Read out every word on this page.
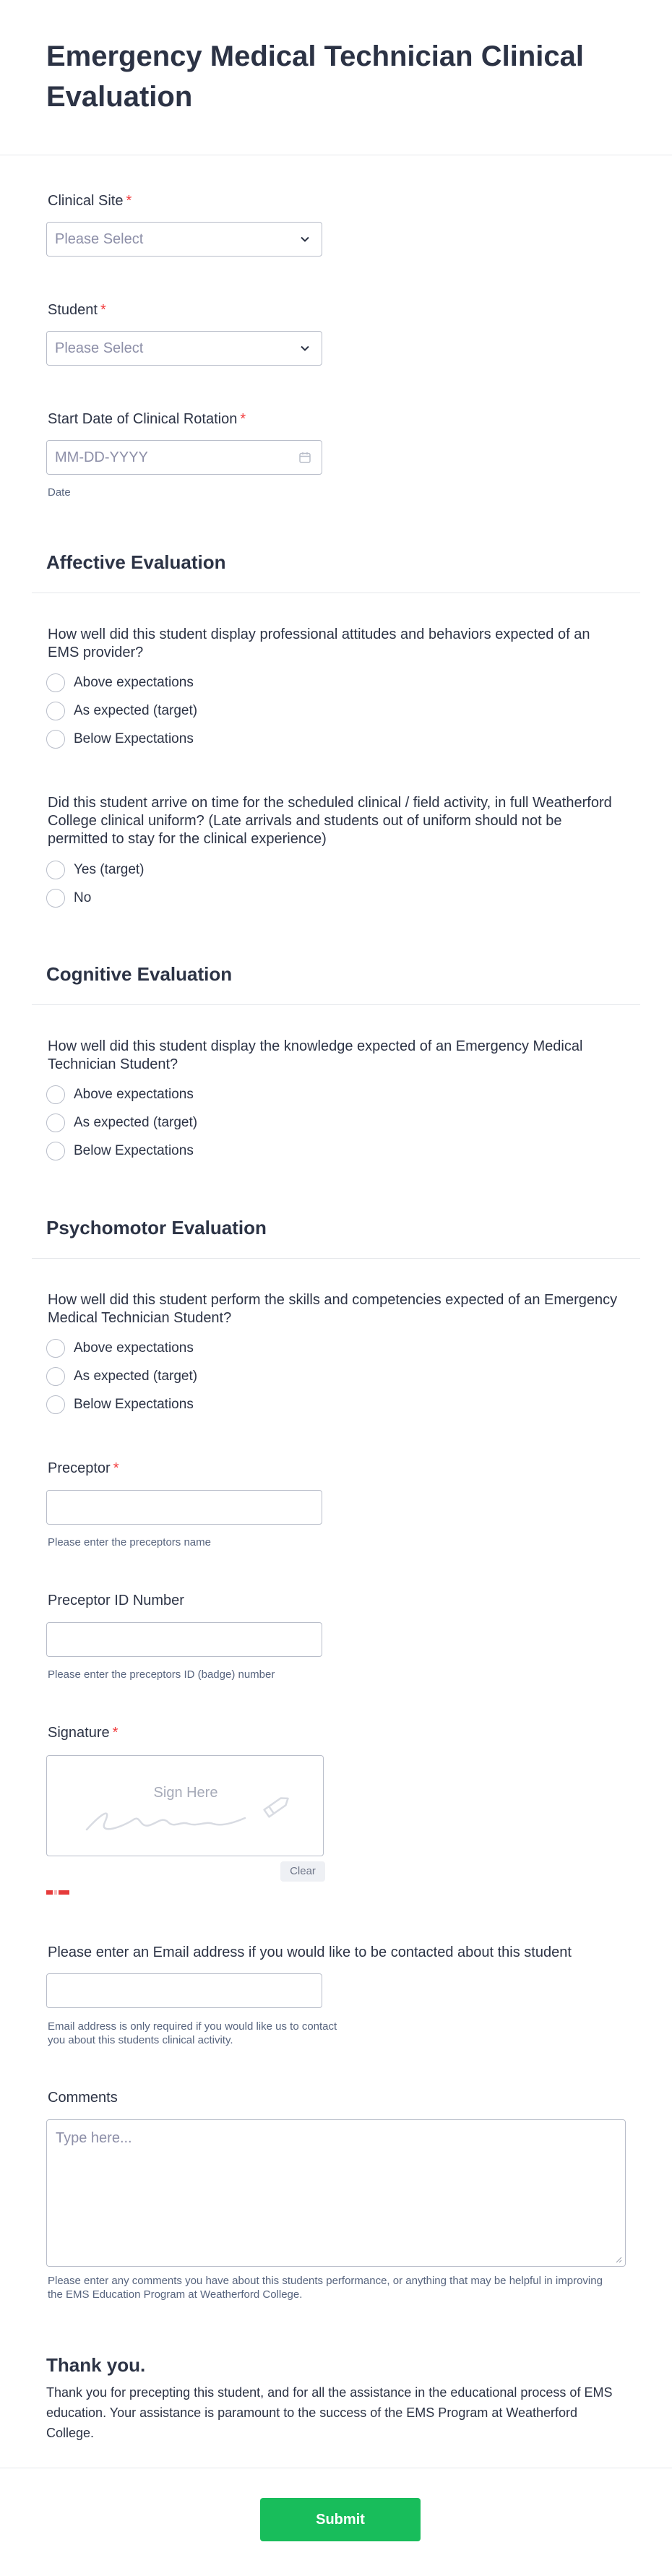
Emergency Medical Technician Clinical Evaluation
Clinical Site *
Please Select
Student *
Please Select
Start Date of Clinical Rotation *
MM-DD-YYYY
Date
Affective Evaluation
How well did this student display professional attitudes and behaviors expected of an EMS provider?
Above expectations
As expected (target)
Below Expectations
Did this student arrive on time for the scheduled clinical / field activity, in full Weatherford College clinical uniform? (Late arrivals and students out of uniform should not be permitted to stay for the clinical experience)
Yes (target)
No
Cognitive Evaluation
How well did this student display the knowledge expected of an Emergency Medical Technician Student?
Above expectations
As expected (target)
Below Expectations
Psychomotor Evaluation
How well did this student perform the skills and competencies expected of an Emergency Medical Technician Student?
Above expectations
As expected (target)
Below Expectations
Preceptor *
Please enter the preceptors name
Preceptor ID Number
Please enter the preceptors ID (badge) number
Signature *
Sign Here
Clear
Please enter an Email address if you would like to be contacted about this student
Email address is only required if you would like us to contact you about this students clinical activity.
Comments
Type here...
Please enter any comments you have about this students performance, or anything that may be helpful in improving the EMS Education Program at Weatherford College.
Thank you.
Thank you for precepting this student, and for all the assistance in the educational process of EMS education. Your assistance is paramount to the success of the EMS Program at Weatherford College.
Submit
